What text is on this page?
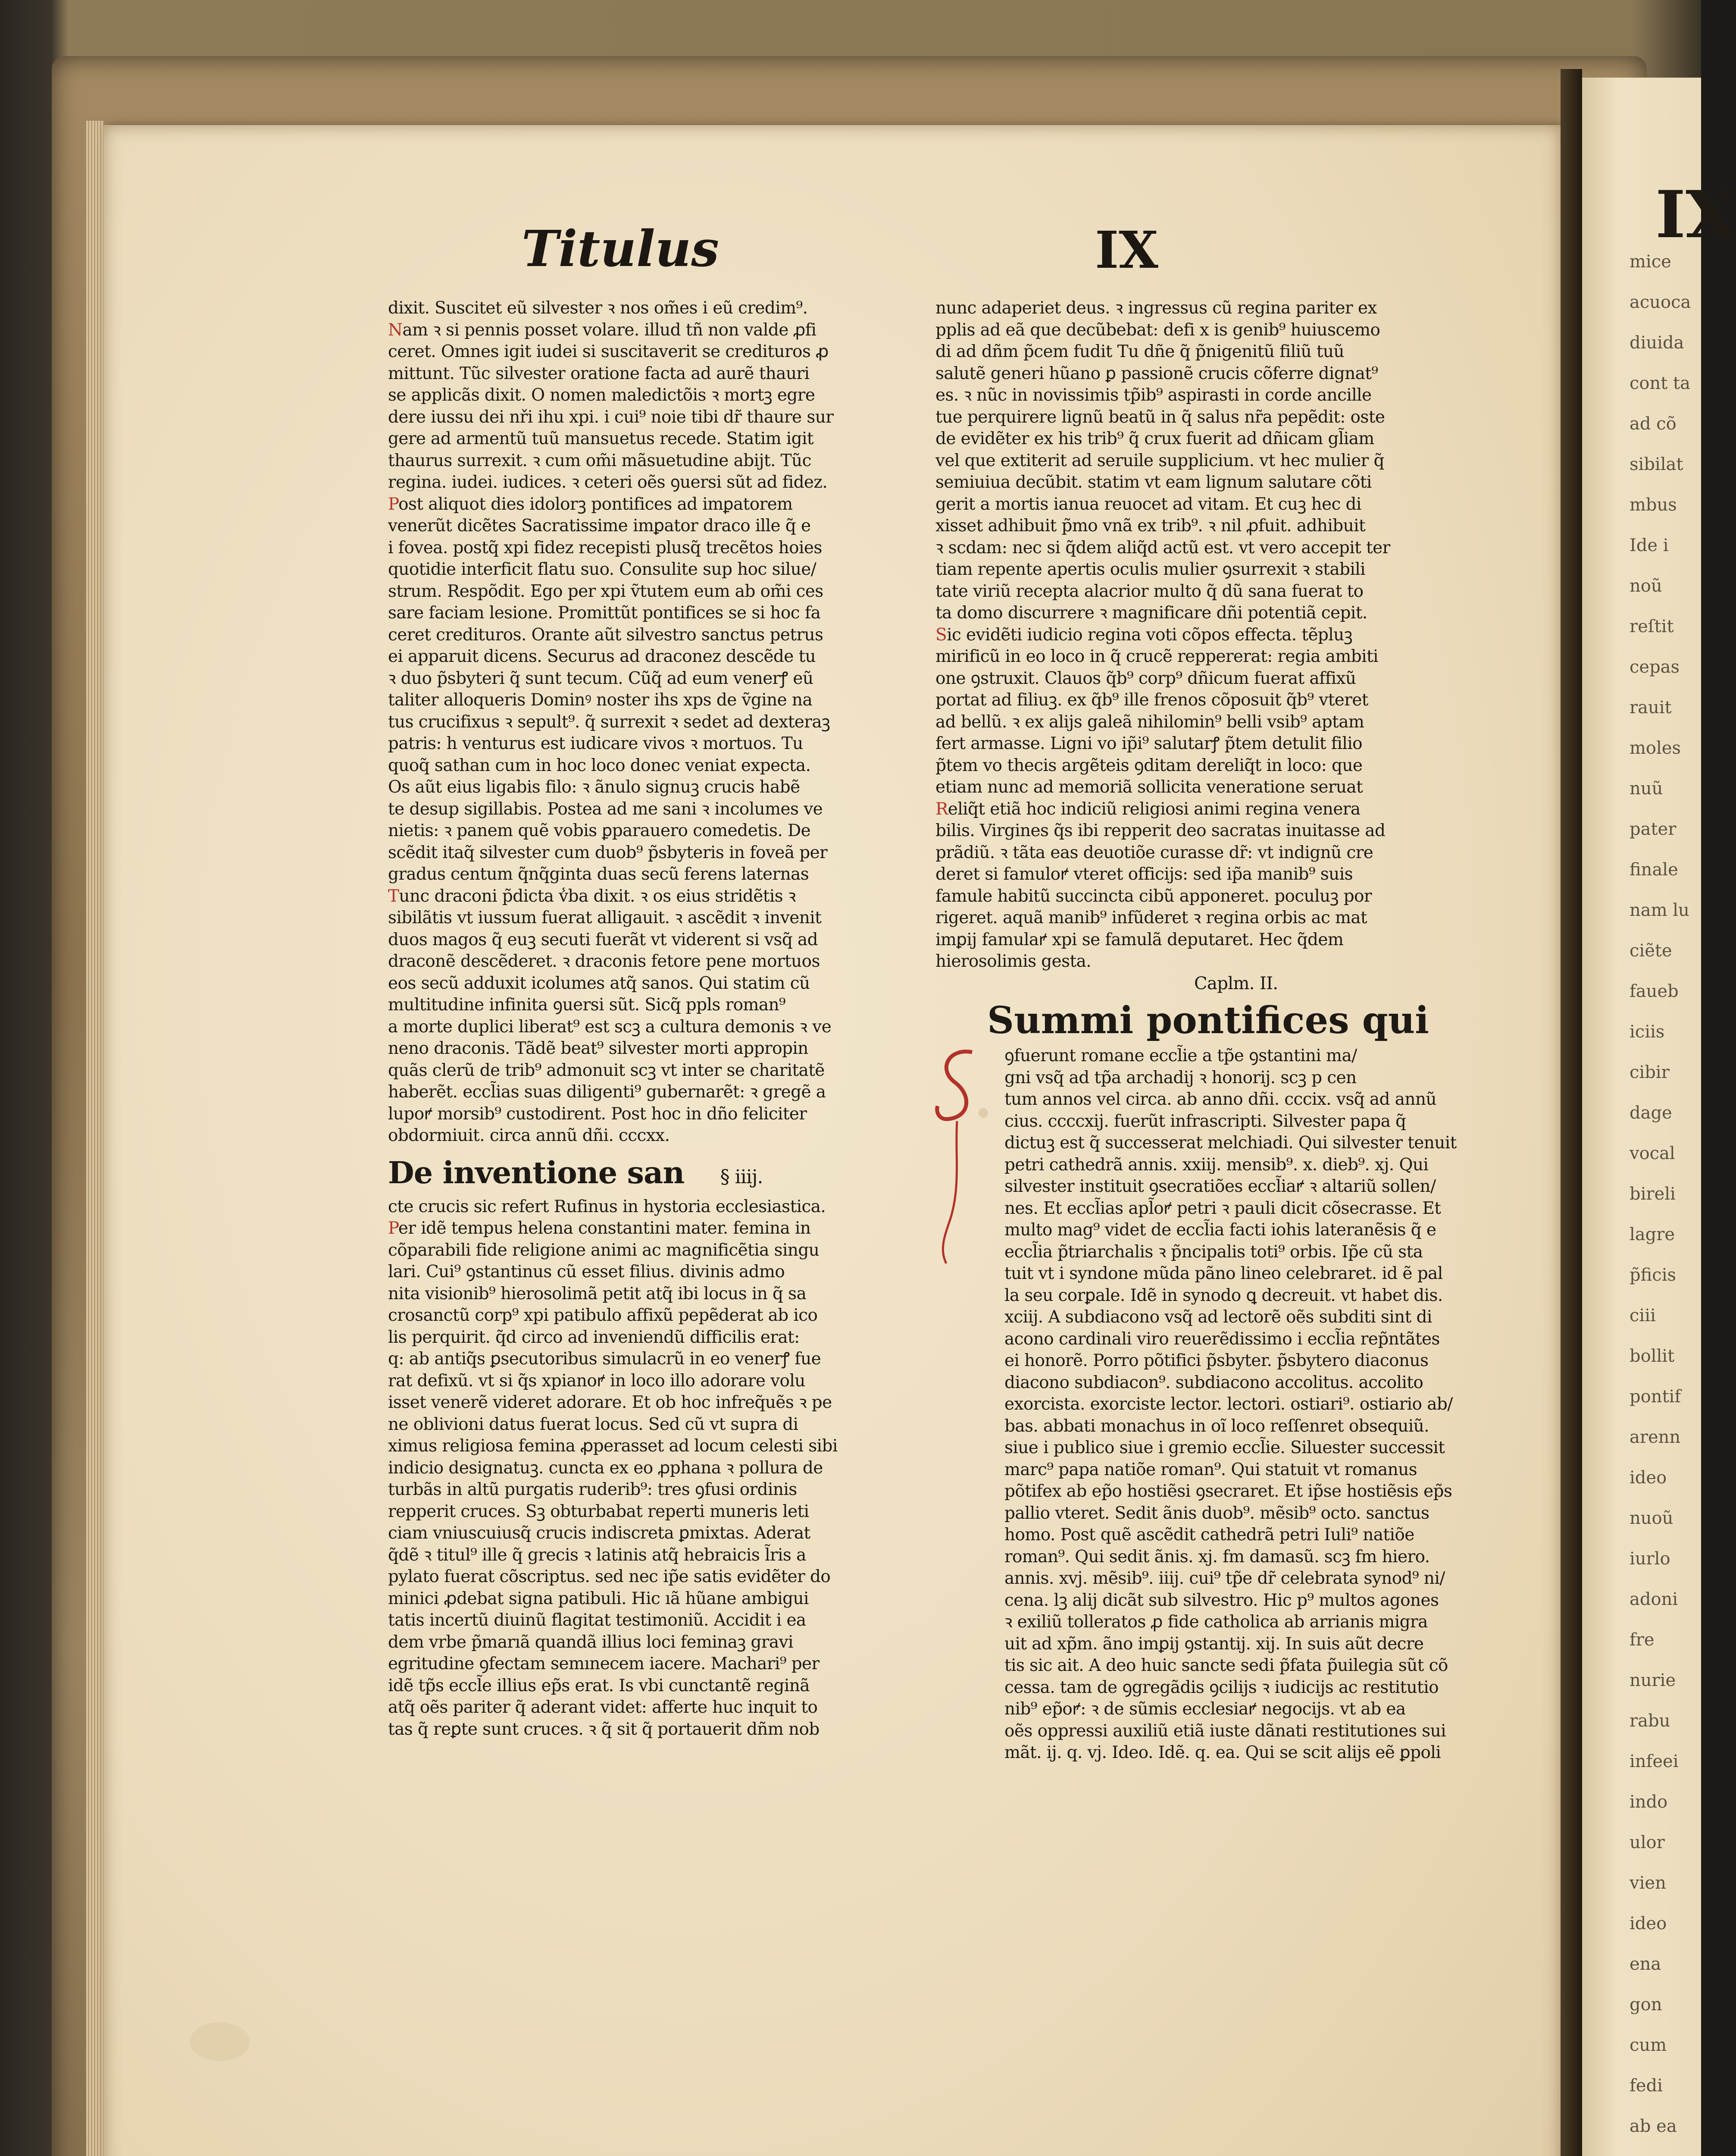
IX
mice
acuoca
diuida
cont ta
ad cõ
sibilat
mbus
Ide i
noũ
reſtit
cepas
rauit
moles
nuũ
pater
finale
nam lu
ciẽte
faueb
iciis
cibir
dage
vocal
bireli
lagre
p̃ficis
ciii
bollit
pontif
arenn
ideo
nuoũ
iurlo
adoni
fre
nurie
rabu
infeei
indo
ulor
vien
ideo
ena
gon
cum
fedi
ab ea
Titulus	IX
dixit. Suscitet eũ silvester ꝛ nos om̃es i eũ credim⁹.
Nam ꝛ si pennis posset volare. illud tñ non valde ꝓfi
ceret. Omnes igit iudei si suscitaverit se credituros ꝓ
mittunt. Tũc silvester oratione facta ad aurẽ thauri
se applicãs dixit. O nomen maledictõis ꝛ mortꝫ egre
dere iussu dei nři ihu xpi. i cui⁹ noie tibi dr̃ thaure sur
gere ad armentũ tuũ mansuetus recede. Statim igit
thaurus surrexit. ꝛ cum om̃i mãsuetudine abijt. Tũc
regina. iudei. iudices. ꝛ ceteri oẽs ꝯuersi sũt ad fidez.
Post aliquot dies idolorꝫ pontifices ad imꝑatorem
venerũt dicẽtes Sacratissime imꝑator draco ille q̃ e
i fovea. postq̃ xpi fidez recepisti plusq̃ trecẽtos hoies
quotidie interficit flatu suo. Consulite sup hoc silue/
strum. Respõdit. Ego per xpi ṽtutem eum ab om̃i ces
sare faciam lesione. Promittũt pontifices se si hoc fa
ceret credituros. Orante aũt silvestro sanctus petrus
ei apparuit dicens. Securus ad draconez descẽde tu
ꝛ duo p̃sbyteri q̃ sunt tecum. Cũq̃ ad eum venerꝭ eũ
taliter alloqueris Dominꝰ noster ihs xps de ṽgine na
tus crucifixus ꝛ sepult⁹. q̃ surrexit ꝛ sedet ad dexteraꝫ
patris: h venturus est iudicare vivos ꝛ mortuos. Tu
quoq̃ sathan cum in hoc loco donec veniat expecta.
Os aũt eius ligabis filo: ꝛ ãnulo signuꝫ crucis habẽ
te desup sigillabis. Postea ad me sani ꝛ incolumes ve
nietis: ꝛ panem quẽ vobis ꝑparauero comedetis. De
scẽdit itaq̃ silvester cum duob⁹ p̃sbyteris in foveã per
gradus centum q̃nq̃ginta duas secũ ferens laternas
Tunc draconi p̃dicta v̾ba dixit. ꝛ os eius stridẽtis ꝛ
sibilãtis vt iussum fuerat alligauit. ꝛ ascẽdit ꝛ invenit
duos magos q̃ euꝫ secuti fuerãt vt viderent si vsq̃ ad
draconẽ descẽderet. ꝛ draconis fetore pene mortuos
eos secũ adduxit icolumes atq̃ sanos. Qui statim cũ
multitudine infinita ꝯuersi sũt. Sicq̃ ppls roman⁹
a morte duplici liberat⁹ est scꝫ a cultura demonis ꝛ ve
neno draconis. Tãdẽ beat⁹ silvester morti appropin
quãs clerũ de trib⁹ admonuit scꝫ vt inter se charitatẽ
haberẽt. eccl̃ias suas diligenti⁹ gubernarẽt: ꝛ gregẽ a
lupoꝵ morsib⁹ custodirent. Post hoc in dño feliciter
obdormiuit. circa annũ dñi. cccxx.
De inventione san § iiij.
cte crucis sic refert Rufinus in hystoria ecclesiastica.
Per idẽ tempus helena constantini mater. femina in
cõparabili fide religione animi ac magnificẽtia singu
lari. Cui⁹ ꝯstantinus cũ esset filius. divinis admo
nita visionib⁹ hierosolimã petit atq̃ ibi locus in q̃ sa
crosanctũ corp⁹ xpi patibulo affixũ pepẽderat ab ico
lis perquirit. q̃d circo ad inveniendũ difficilis erat:
q: ab antiq̃s ꝑsecutoribus simulacrũ in eo venerꝭ fue
rat defixũ. vt si q̃s xpianoꝵ in loco illo adorare volu
isset venerẽ videret adorare. Et ob hoc infreq̃uẽs ꝛ pe
ne oblivioni datus fuerat locus. Sed cũ vt supra di
ximus religiosa femina ꝓperasset ad locum celesti sibi
indicio designatuꝫ. cuncta ex eo ꝓphana ꝛ pollura de
turbãs in altũ purgatis ruderib⁹: tres ꝯfusi ordinis
repperit cruces. Sꝫ obturbabat reperti muneris leti
ciam vniuscuiusq̃ crucis indiscreta ꝑmixtas. Aderat
q̃dẽ ꝛ titul⁹ ille q̃ grecis ꝛ latinis atq̃ hebraicis l̃ris a
pylato fuerat cõscriptus. sed nec ip̃e satis evidẽter do
minici ꝓdebat signa patibuli. Hic ıã hũane ambigui
tatis incertũ diuinũ flagitat testimoniũ. Accidit i ea
dem vrbe p̃marıã quandã illius loci feminaꝫ gravi
egritudine ꝯfectam semınecem iacere. Machari⁹ per
idẽ tp̃s eccl̃e illius ep̃s erat. Is vbi cunctantẽ reginã
atq̃ oẽs pariter q̃ aderant videt: afferte huc inquit to
tas q̃ reꝑte sunt cruces. ꝛ q̃ sit q̃ portauerit dñm nob
nunc adaperiet deus. ꝛ ingressus cũ regina pariter ex
pplis ad eã que decũbebat: defi x is genib⁹ huiuscemo
di ad dñm p̃cem fudit Tu dñe q̃ p̃nigenitũ filiũ tuũ
salutẽ generi hũano ꝑ passionẽ crucis cõferre dignat⁹
es. ꝛ nũc in novissimis tp̃ib⁹ aspirasti in corde ancille
tue perquirere lignũ beatũ in q̃ salus nr̃a pepẽdit: oste
de evidẽter ex his trib⁹ q̃ crux fuerit ad dñicam gl̃iam
vel que extiterit ad seruile supplicium. vt hec mulier q̃
semiuiua decũbit. statim vt eam lignum salutare cõti
gerit a mortis ianua reuocet ad vitam. Et cuꝫ hec di
xisset adhibuit p̃mo vnã ex trib⁹. ꝛ nil ꝓfuit. adhibuit
ꝛ scdam: nec si q̃dem aliq̃d actũ est. vt vero accepit ter
tiam repente apertis oculis mulier ꝯsurrexit ꝛ stabili
tate viriũ recepta alacrior multo q̃ dũ sana fuerat to
ta domo discurrere ꝛ magnificare dñi potentiã cepit.
Sic evidẽti iudicio regina voti cõpos effecta. tẽpluꝫ
mirificũ in eo loco in q̃ crucẽ reppererat: regia ambiti
one ꝯstruxit. Clauos q̃b⁹ corp⁹ dñicum fuerat affixũ
portat ad filiuꝫ. ex q̃b⁹ ille frenos cõposuit q̃b⁹ vteret
ad bellũ. ꝛ ex alijs galeã nihilomin⁹ belli vsib⁹ aptam
fert armasse. Ligni vo ip̃i⁹ salutarꝭ p̃tem detulit filio
p̃tem vo thecis argẽteis ꝯditam dereliq̃t in loco: que
etiam nunc ad memoriã sollicita veneratione seruat
Reliq̃t etiã hoc indiciũ religiosi animi regina venera
bilis. Virgines q̃s ibi repperit deo sacratas inuitasse ad
prãdiũ. ꝛ tãta eas deuotiõe curasse dr̃: vt indignũ cre
deret si famuloꝵ vteret officijs: sed ip̃a manib⁹ suis
famule habitũ succincta cibũ apponeret. poculuꝫ por
rigeret. aquã manib⁹ infũderet ꝛ regina orbis ac mat
imꝑij famulaꝵ xpi se famulã deputaret. Hec q̃dem
hierosolimis gesta.
Caplm. II.
Summi pontifices qui
ꝯfuerunt romane eccl̃ie a tp̃e ꝯstantini ma/
gni vsq̃ ad tp̃a archadij ꝛ honorij. scꝫ p cen
tum annos vel circa. ab anno dñi. cccix. vsq̃ ad annũ
cius. ccccxij. fuerũt infrascripti. Silvester papa q̃
dictuꝫ est q̃ successerat melchiadi. Qui silvester tenuit
petri cathedrã annis. xxiij. mensib⁹. x. dieb⁹. xj. Qui
silvester instituit ꝯsecratiões eccl̃iaꝵ ꝛ altariũ sollen/
nes. Et eccl̃ias apl̃oꝵ petri ꝛ pauli dicit cõsecrasse. Et
multo mag⁹ videt de eccl̃ia facti iohis lateranẽsis q̃ e
eccl̃ia p̃triarchalis ꝛ p̃ncipalis toti⁹ orbis. Ip̃e cũ sta
tuit vt i syndone mũda pãno lineo celebraret. id ẽ pal
la seu corꝑale. Idẽ in synodo ꝗ decreuit. vt habet dis.
xciij. A subdiacono vsq̃ ad lectorẽ oẽs subditi sint di
acono cardinali viro reuerẽdissimo i eccl̃ia rep̃ntãtes
ei honorẽ. Porro põtifici p̃sbyter. p̃sbytero diaconus
diacono subdiacon⁹. subdiacono accolitus. accolito
exorcista. exorciste lector. lectori. ostiari⁹. ostiario ab/
bas. abbati monachus in oĩ loco reſſenret obsequiũ.
siue i publico siue i gremio eccl̃ie. Siluester successit
marc⁹ papa natiõe roman⁹. Qui statuit vt romanus
põtifex ab ep̃o hostiẽsi ꝯsecraret. Et ip̃se hostiẽsis ep̃s
pallio vteret. Sedit ãnis duob⁹. mẽsib⁹ octo. sanctus
homo. Post quẽ ascẽdit cathedrã petri Iuli⁹ natiõe
roman⁹. Qui sedit ãnis. xj. fm damasũ. scꝫ fm hiero.
annis. xvj. mẽsib⁹. iiij. cui⁹ tp̃e dr̃ celebrata synod⁹ ni/
cena. lꝫ alij dicãt sub silvestro. Hic p⁹ multos agones
ꝛ exiliũ tolleratos ꝓ fide catholica ab arrianis migra
uit ad xp̃m. ãno imꝑij ꝯstantij. xij. In suis aũt decre
tis sic ait. A deo huic sancte sedi p̃fata p̃uilegia sũt cõ
cessa. tam de ꝯgregãdis ꝯcilijs ꝛ iudicijs ac restitutio
nib⁹ ep̃oꝵ: ꝛ de sũmis ecclesiaꝵ negocijs. vt ab ea
oẽs oppressi auxiliũ etiã iuste dãnati restitutiones sui
mãt. ij. q. vj. Ideo. Idẽ. q. ea. Qui se scit alijs eẽ ꝑpoli
